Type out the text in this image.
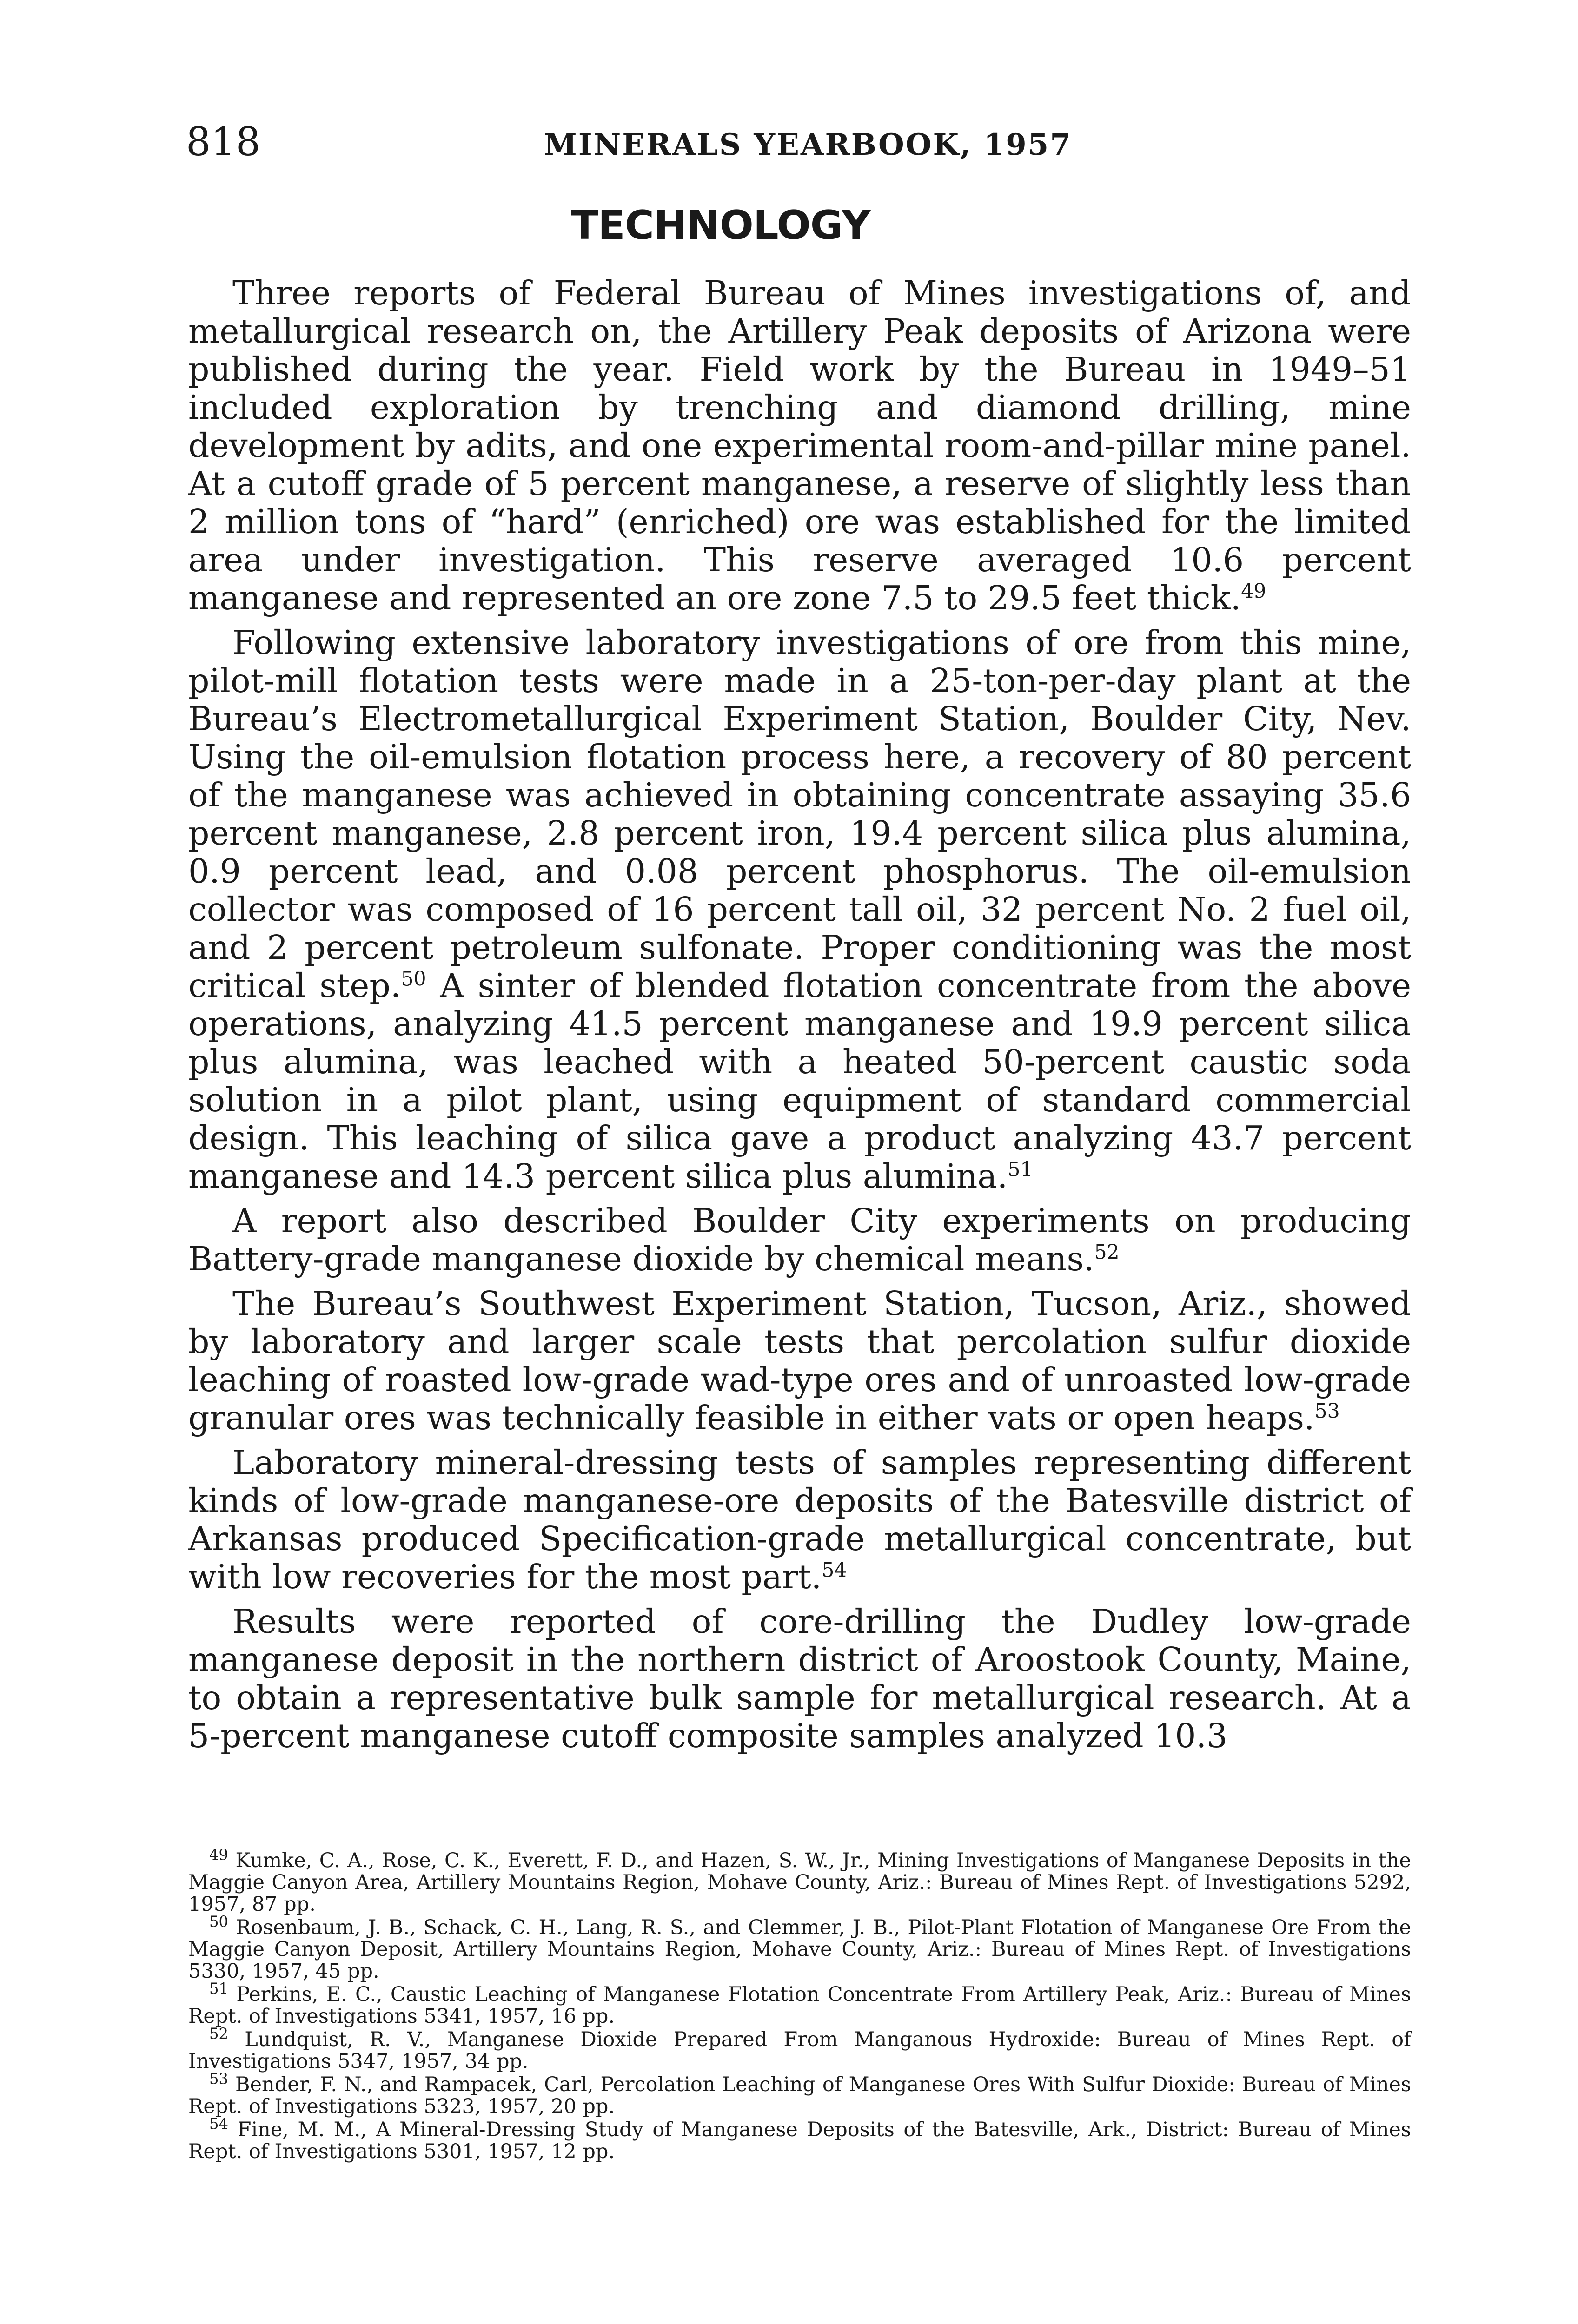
818	MINERALS YEARBOOK, 1957
TECHNOLOGY

Three reports of Federal Bureau of Mines investigations of, and metallurgical research on, the Artillery Peak deposits of Arizona were published during the year. Field work by the Bureau in 1949–51 included exploration by trenching and diamond drilling, mine development by adits, and one experimental room-and-pillar mine panel. At a cutoff grade of 5 percent manganese, a reserve of slightly less than 2 million tons of “hard” (enriched) ore was established for the limited area under investigation. This reserve averaged 10.6 percent manganese and represented an ore zone 7.5 to 29.5 feet thick.$^{49}$

Following extensive laboratory investigations of ore from this mine, pilot-mill flotation tests were made in a 25-ton-per-day plant at the Bureau’s Electrometallurgical Experiment Station, Boulder City, Nev. Using the oil-emulsion flotation process here, a recovery of 80 percent of the manganese was achieved in obtaining concentrate assaying 35.6 percent manganese, 2.8 percent iron, 19.4 percent silica plus alumina, 0.9 percent lead, and 0.08 percent phosphorus. The oil-emulsion collector was composed of 16 percent tall oil, 32 percent No. 2 fuel oil, and 2 percent petroleum sulfonate. Proper conditioning was the most critical step.$^{50}$ A sinter of blended flotation concentrate from the above operations, analyzing 41.5 percent manganese and 19.9 percent silica plus alumina, was leached with a heated 50-percent caustic soda solution in a pilot plant, using equipment of standard commercial design. This leaching of silica gave a product analyzing 43.7 percent manganese and 14.3 percent silica plus alumina.$^{51}$

A report also described Boulder City experiments on producing Battery-grade manganese dioxide by chemical means.$^{52}$

The Bureau’s Southwest Experiment Station, Tucson, Ariz., showed by laboratory and larger scale tests that percolation sulfur dioxide leaching of roasted low-grade wad-type ores and of unroasted low-grade granular ores was technically feasible in either vats or open heaps.$^{53}$

Laboratory mineral-dressing tests of samples representing different kinds of low-grade manganese-ore deposits of the Batesville district of Arkansas produced Specification-grade metallurgical concentrate, but with low recoveries for the most part.$^{54}$

Results were reported of core-drilling the Dudley low-grade manganese deposit in the northern district of Aroostook County, Maine, to obtain a representative bulk sample for metallurgical research. At a 5-percent manganese cutoff composite samples analyzed 10.3

$^{49}$ Kumke, C. A., Rose, C. K., Everett, F. D., and Hazen, S. W., Jr., Mining Investigations of Manganese Deposits in the Maggie Canyon Area, Artillery Mountains Region, Mohave County, Ariz.: Bureau of Mines Rept. of Investigations 5292, 1957, 87 pp.

$^{50}$ Rosenbaum, J. B., Schack, C. H., Lang, R. S., and Clemmer, J. B., Pilot-Plant Flotation of Manganese Ore From the Maggie Canyon Deposit, Artillery Mountains Region, Mohave County, Ariz.: Bureau of Mines Rept. of Investigations 5330, 1957, 45 pp.

$^{51}$ Perkins, E. C., Caustic Leaching of Manganese Flotation Concentrate From Artillery Peak, Ariz.: Bureau of Mines Rept. of Investigations 5341, 1957, 16 pp.

$^{52}$ Lundquist, R. V., Manganese Dioxide Prepared From Manganous Hydroxide: Bureau of Mines Rept. of Investigations 5347, 1957, 34 pp.

$^{53}$ Bender, F. N., and Rampacek, Carl, Percolation Leaching of Manganese Ores With Sulfur Dioxide: Bureau of Mines Rept. of Investigations 5323, 1957, 20 pp.

$^{54}$ Fine, M. M., A Mineral-Dressing Study of Manganese Deposits of the Batesville, Ark., District: Bureau of Mines Rept. of Investigations 5301, 1957, 12 pp.
